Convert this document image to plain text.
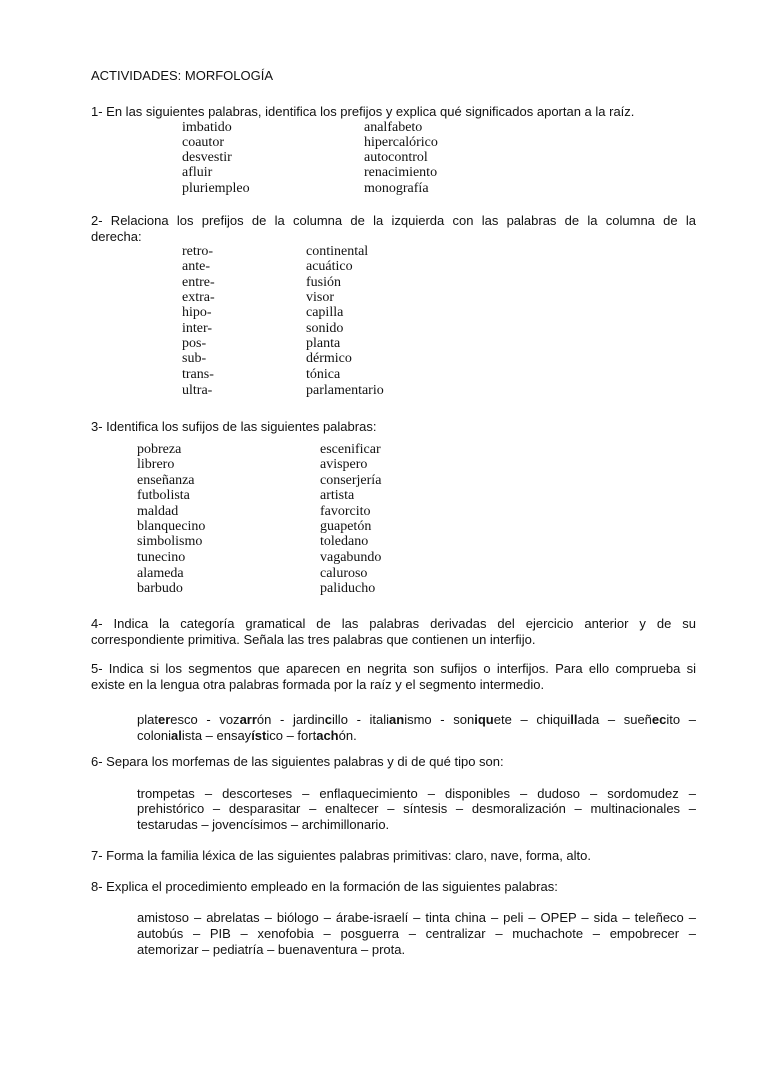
ACTIVIDADES: MORFOLOGÍA
1- En las siguientes palabras, identifica los prefijos y explica qué significados aportan a la raíz.
imbatido
coautor
desvestir
afluir
pluriempleo
analfabeto
hipercalórico
autocontrol
renacimiento
monografía
2- Relaciona los prefijos de la columna de la izquierda con las palabras de la columna de la
derecha:
retro-
ante-
entre-
extra-
hipo-
inter-
pos-
sub-
trans-
ultra-
continental
acuático
fusión
visor
capilla
sonido
planta
dérmico
tónica
parlamentario
3- Identifica los sufijos de las siguientes palabras:
pobreza
librero
enseñanza
futbolista
maldad
blanquecino
simbolismo
tunecino
alameda
barbudo
escenificar
avispero
conserjería
artista
favorcito
guapetón
toledano
vagabundo
caluroso
paliducho
4- Indica la categoría gramatical de las palabras derivadas del ejercicio anterior y de su
correspondiente primitiva. Señala las tres palabras que contienen un interfijo.
5- Indica si los segmentos que aparecen en negrita son sufijos o interfijos. Para ello comprueba si
existe en la lengua otra palabras formada por la raíz y el segmento intermedio.
plateresco - vozarrón - jardincillo - italianismo - soniquete – chiquillada – sueñecito –
colonialista – ensayístico – fortachón.
6- Separa los morfemas de las siguientes palabras y di de qué tipo son:
trompetas – descorteses – enflaquecimiento – disponibles – dudoso – sordomudez –
prehistórico – desparasitar – enaltecer – síntesis – desmoralización – multinacionales –
testarudas – jovencísimos – archimillonario.
7- Forma la familia léxica de las siguientes palabras primitivas: claro, nave, forma, alto.
8- Explica el procedimiento empleado en la formación de las siguientes palabras:
amistoso – abrelatas – biólogo – árabe-israelí – tinta china – peli – OPEP – sida – teleñeco –
autobús – PIB – xenofobia – posguerra – centralizar – muchachote – empobrecer –
atemorizar – pediatría – buenaventura – prota.
